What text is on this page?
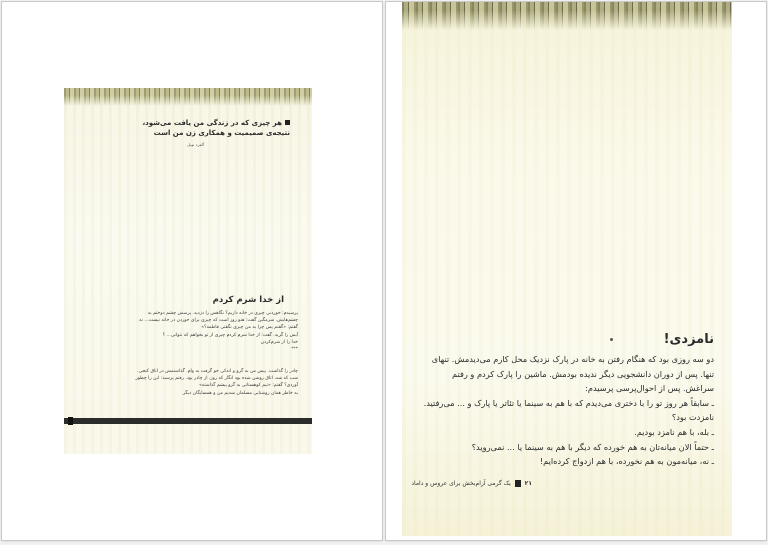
هر چیزی که در زندگی من یافت می‌شود، نتیجه‌ی صمیمیت و همکاری زن من است
آلفرد نوبل
از خدا شرم کردم

پرسیدم: خوردنی چیزی در خانه داریم؟ نگاهش را دزدید. پرسش چشم دوختم به

چشم‌هایش. شرمگین گفت: هنو روز است که چیزی برای خوردن در خانه نیست... نه

گفتم: «گفتم پس چرا به من چیزی نگفتی فاطمه؟»

آیش را گزید. گفت: از خدا شرم کردم چیزی از تو بخواهم که نتوانی... ؟

خدا را از شرم‌کردن

***

چادر را گذاشت. پیش من به گرو و اندکی جو گرفت به وام. گذاشتمش در اتاق کنجی.

شب که شد، اتاق روشن شده بود انگار که روز. از چادر بود. رفتم پرسید: این را چطور

آوردی؟ گفتم: «تیم کوهستانی به گرو پیشم گذاشته»

به خاطر همان روشنایی مسلمان شدیم من و همسایگان دیگر

نامزدی!

دو سه روزی بود که هنگام رفتن به خانه در پارک نزدیک محل کارم می‌دیدمش. تنهای

تنها. پس از دوران دانشجویی دیگر ندیده بودمش. ماشین را پارک کردم و رفتم

سراغش. پس از احوال‌پرسی پرسیدم:

ـ سابقاً هر روز تو را با دختری می‌دیدم که با هم به سینما یا تئاتر یا پارک و ... می‌رفتید.

نامزدت بود؟

ـ بله، با هم نامزد بودیم.

ـ حتماً الان میانه‌تان به هم خورده که دیگر با هم به سینما یا ... نمی‌روید؟

ـ نه، میانه‌مون به هم نخورده، با هم ازدواج کرده‌ایم!

۲۱ یک گرمی آرام‌بخش برای عروس و داماد
